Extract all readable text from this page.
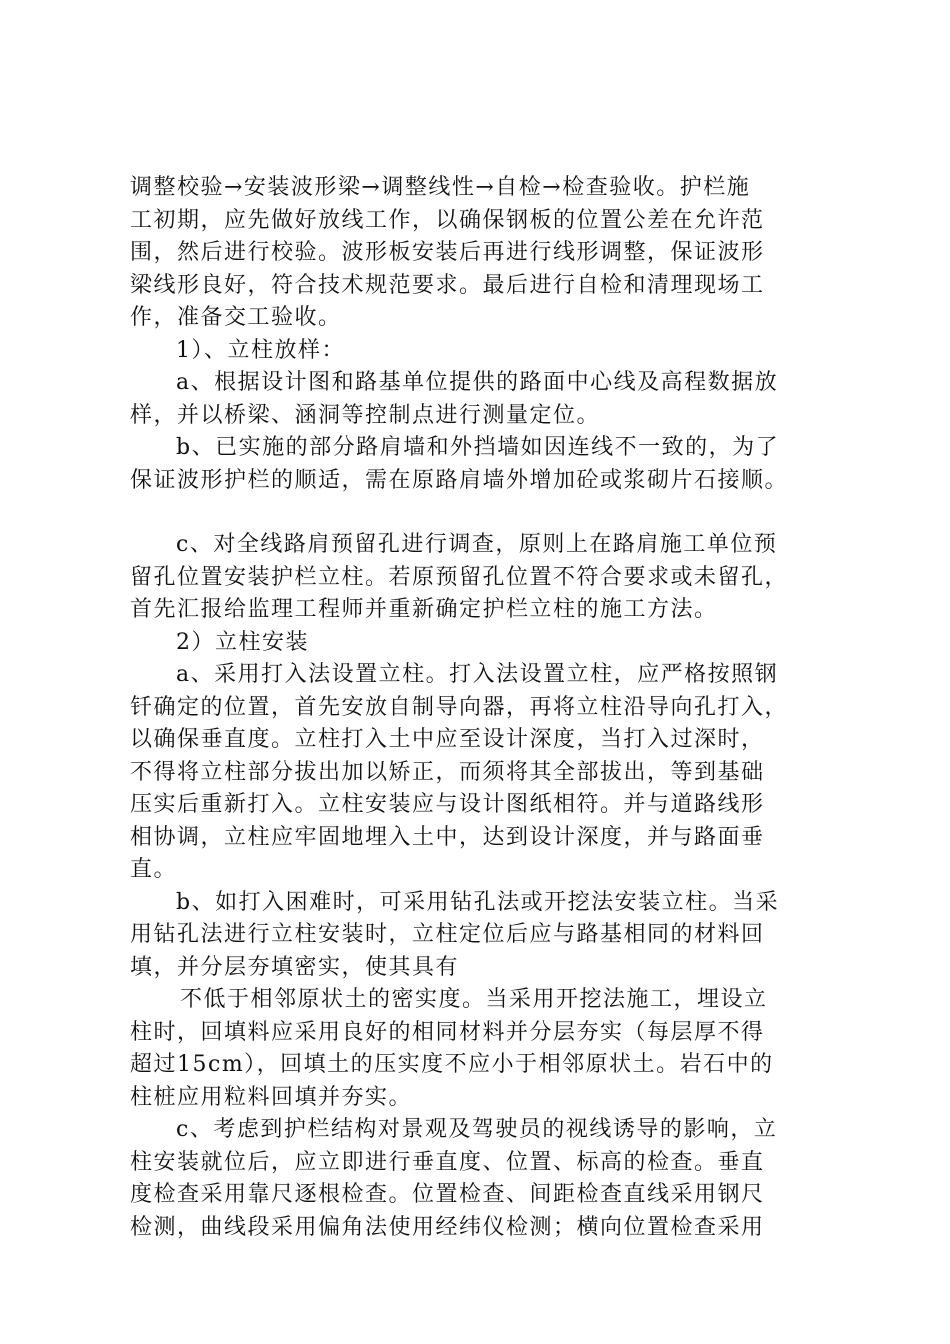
调整校验→安装波形梁→调整线性→自检→检查验收。护栏施
工初期，应先做好放线工作，以确保钢板的位置公差在允许范
围，然后进行校验。波形板安装后再进行线形调整，保证波形
梁线形良好，符合技术规范要求。最后进行自检和清理现场工
作，准备交工验收。
1）、立柱放样：
a、根据设计图和路基单位提供的路面中心线及高程数据放
样，并以桥梁、涵洞等控制点进行测量定位。
b、已实施的部分路肩墙和外挡墙如因连线不一致的，为了
保证波形护栏的顺适，需在原路肩墙外增加砼或浆砌片石接顺。
c、对全线路肩预留孔进行调查，原则上在路肩施工单位预
留孔位置安装护栏立柱。若原预留孔位置不符合要求或未留孔，
首先汇报给监理工程师并重新确定护栏立柱的施工方法。
2）立柱安装
a、采用打入法设置立柱。打入法设置立柱，应严格按照钢
钎确定的位置，首先安放自制导向器，再将立柱沿导向孔打入，
以确保垂直度。立柱打入土中应至设计深度，当打入过深时，
不得将立柱部分拔出加以矫正，而须将其全部拔出，等到基础
压实后重新打入。立柱安装应与设计图纸相符。并与道路线形
相协调，立柱应牢固地埋入土中，达到设计深度，并与路面垂
直。
b、如打入困难时，可采用钻孔法或开挖法安装立柱。当采
用钻孔法进行立柱安装时，立柱定位后应与路基相同的材料回
填，并分层夯填密实，使其具有
不低于相邻原状土的密实度。当采用开挖法施工，埋设立
柱时，回填料应采用良好的相同材料并分层夯实（每层厚不得
超过15cm），回填土的压实度不应小于相邻原状土。岩石中的
柱桩应用粒料回填并夯实。
c、考虑到护栏结构对景观及驾驶员的视线诱导的影响，立
柱安装就位后，应立即进行垂直度、位置、标高的检查。垂直
度检查采用靠尺逐根检查。位置检查、间距检查直线采用钢尺
检测，曲线段采用偏角法使用经纬仪检测；横向位置检查采用
